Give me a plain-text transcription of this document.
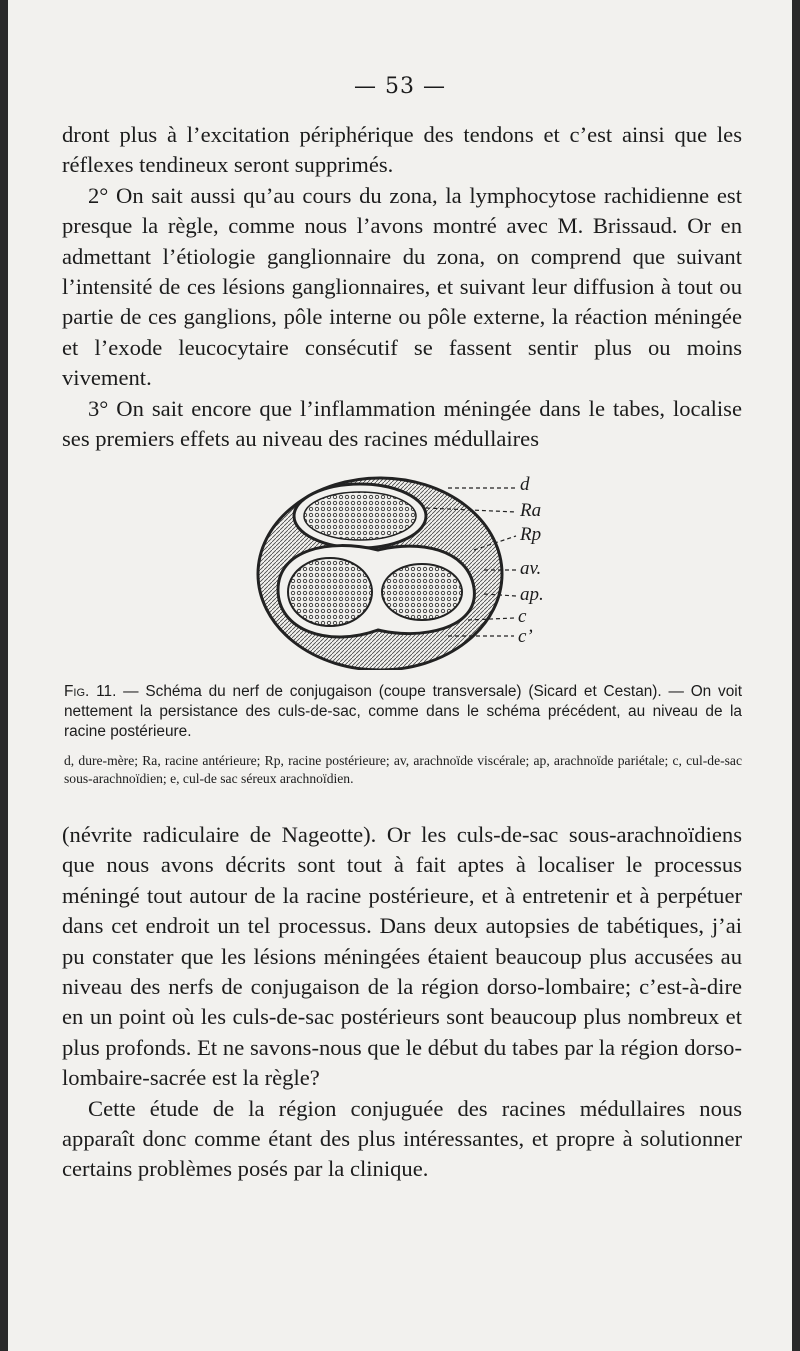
— 53 —

dront plus à l’excitation périphérique des tendons et c’est ainsi que les réflexes tendineux seront supprimés.

2° On sait aussi qu’au cours du zona, la lymphocytose rachidienne est presque la règle, comme nous l’avons montré avec M. Brissaud. Or en admettant l’étiologie ganglionnaire du zona, on comprend que suivant l’intensité de ces lésions ganglionnaires, et suivant leur diffusion à tout ou partie de ces ganglions, pôle interne ou pôle externe, la réaction méningée et l’exode leucocytaire consécutif se fassent sentir plus ou moins vivement.

3° On sait encore que l’inflammation méningée dans le tabes, localise ses premiers effets au niveau des racines médullaires

d
Ra
Rp
av.
ap.
c
c’

Fig. 11. — Schéma du nerf de conjugaison (coupe transversale) (Sicard et Cestan). — On voit nettement la persistance des culs-de-sac, comme dans le schéma précédent, au niveau de la racine postérieure.

d, dure-mère; Ra, racine antérieure; Rp, racine postérieure; av, arachnoïde viscérale; ap, arachnoïde pariétale; c, cul-de-sac sous-arachnoïdien; e, cul-de sac séreux arachnoïdien.

(névrite radiculaire de Nageotte). Or les culs-de-sac sous-arachnoïdiens que nous avons décrits sont tout à fait aptes à localiser le processus méningé tout autour de la racine postérieure, et à entretenir et à perpétuer dans cet endroit un tel processus. Dans deux autopsies de tabétiques, j’ai pu constater que les lésions méningées étaient beaucoup plus accusées au niveau des nerfs de conjugaison de la région dorso-lombaire; c’est-à-dire en un point où les culs-de-sac postérieurs sont beaucoup plus nombreux et plus profonds. Et ne savons-nous que le début du tabes par la région dorso-lombaire-sacrée est la règle?

Cette étude de la région conjuguée des racines médullaires nous apparaît donc comme étant des plus intéressantes, et propre à solutionner certains problèmes posés par la clinique.
